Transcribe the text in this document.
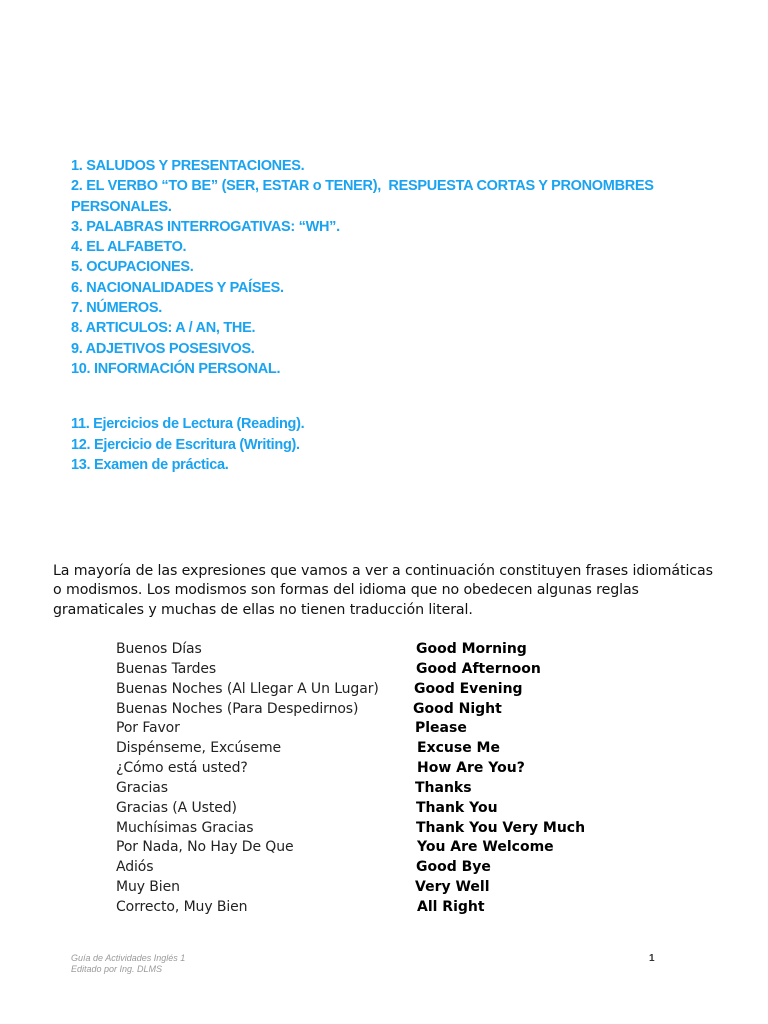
1. SALUDOS Y PRESENTACIONES.
2. EL VERBO “TO BE” (SER, ESTAR o TENER),  RESPUESTA CORTAS Y PRONOMBRES PERSONALES.
3. PALABRAS INTERROGATIVAS: “WH”.
4. EL ALFABETO.
5. OCUPACIONES.
6. NACIONALIDADES Y PAÍSES.
7. NÚMEROS.
8. ARTICULOS: A / AN, THE.
9. ADJETIVOS POSESIVOS.
10. INFORMACIÓN PERSONAL.
11. Ejercicios de Lectura (Reading).
12. Ejercicio de Escritura (Writing).
13. Examen de práctica.

La mayoría de las expresiones que vamos a ver a continuación constituyen frases idiomáticas o modismos. Los modismos son formas del idioma que no obedecen algunas reglas gramaticales y muchas de ellas no tienen traducción literal.

Buenos Días	Good Morning
Buenas Tardes	Good Afternoon
Buenas Noches (Al Llegar A Un Lugar)	Good Evening
Buenas Noches (Para Despedirnos)	Good Night
Por Favor	Please
Dispénseme, Excúseme	Excuse Me
¿Cómo está usted?	How Are You?
Gracias	Thanks
Gracias (A Usted)	Thank You
Muchísimas Gracias	Thank You Very Much
Por Nada, No Hay De Que	You Are Welcome
Adiós	Good Bye
Muy Bien	Very Well
Correcto, Muy Bien	All Right
Guía de Actividades Inglés 1
Editado por Ing. DLMS
1
